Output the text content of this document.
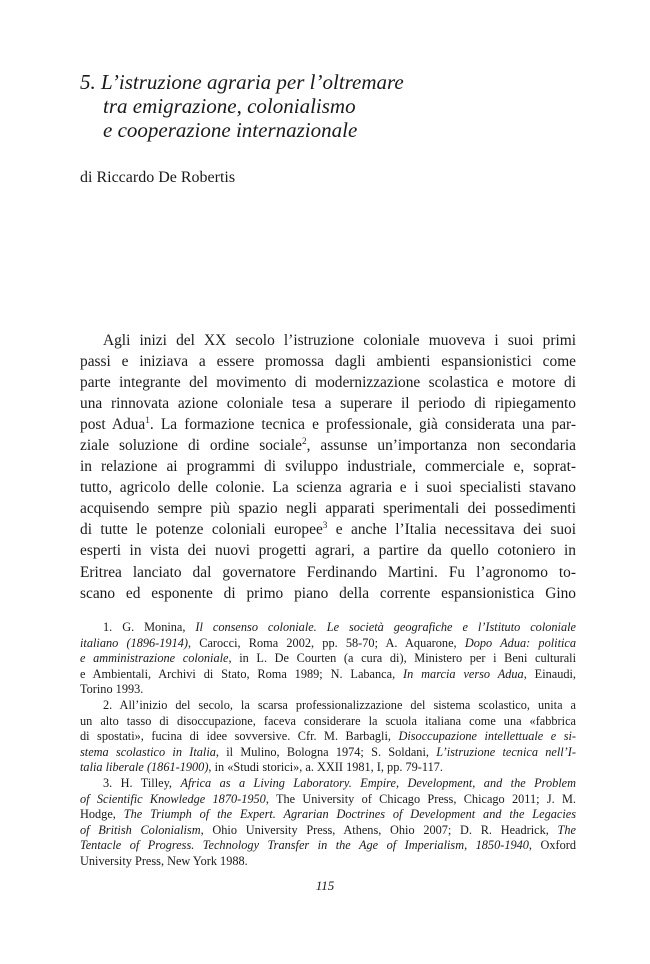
5. L’istruzione agraria per l’oltremare
tra emigrazione, colonialismo
e cooperazione internazionale
di Riccardo De Robertis
Agli inizi del XX secolo l’istruzione coloniale muoveva i suoi primi
passi e iniziava a essere promossa dagli ambienti espansionistici come
parte integrante del movimento di modernizzazione scolastica e motore di
una rinnovata azione coloniale tesa a superare il periodo di ripiegamento
post Adua$^1$. La formazione tecnica e professionale, già considerata una par-
ziale soluzione di ordine sociale$^2$, assunse un’importanza non secondaria
in relazione ai programmi di sviluppo industriale, commerciale e, soprat-
tutto, agricolo delle colonie. La scienza agraria e i suoi specialisti stavano
acquisendo sempre più spazio negli apparati sperimentali dei possedimenti
di tutte le potenze coloniali europee$^3$ e anche l’Italia necessitava dei suoi
esperti in vista dei nuovi progetti agrari, a partire da quello cotoniero in
Eritrea lanciato dal governatore Ferdinando Martini. Fu l’agronomo to-
scano ed esponente di primo piano della corrente espansionistica Gino
1. G. Monina, Il consenso coloniale. Le società geografiche e l’Istituto coloniale
italiano (1896-1914), Carocci, Roma 2002, pp. 58-70; A. Aquarone, Dopo Adua: politica
e amministrazione coloniale, in L. De Courten (a cura di), Ministero per i Beni culturali
e Ambientali, Archivi di Stato, Roma 1989; N. Labanca, In marcia verso Adua, Einaudi,
Torino 1993.
2. All’inizio del secolo, la scarsa professionalizzazione del sistema scolastico, unita a
un alto tasso di disoccupazione, faceva considerare la scuola italiana come una «fabbrica
di spostati», fucina di idee sovversive. Cfr. M. Barbagli, Disoccupazione intellettuale e si-
stema scolastico in Italia, il Mulino, Bologna 1974; S. Soldani, L’istruzione tecnica nell’I-
talia liberale (1861-1900), in «Studi storici», a. XXII 1981, I, pp. 79-117.
3. H. Tilley, Africa as a Living Laboratory. Empire, Development, and the Problem
of Scientific Knowledge 1870-1950, The University of Chicago Press, Chicago 2011; J. M.
Hodge, The Triumph of the Expert. Agrarian Doctrines of Development and the Legacies
of British Colonialism, Ohio University Press, Athens, Ohio 2007; D. R. Headrick, The
Tentacle of Progress. Technology Transfer in the Age of Imperialism, 1850-1940, Oxford
University Press, New York 1988.
115
